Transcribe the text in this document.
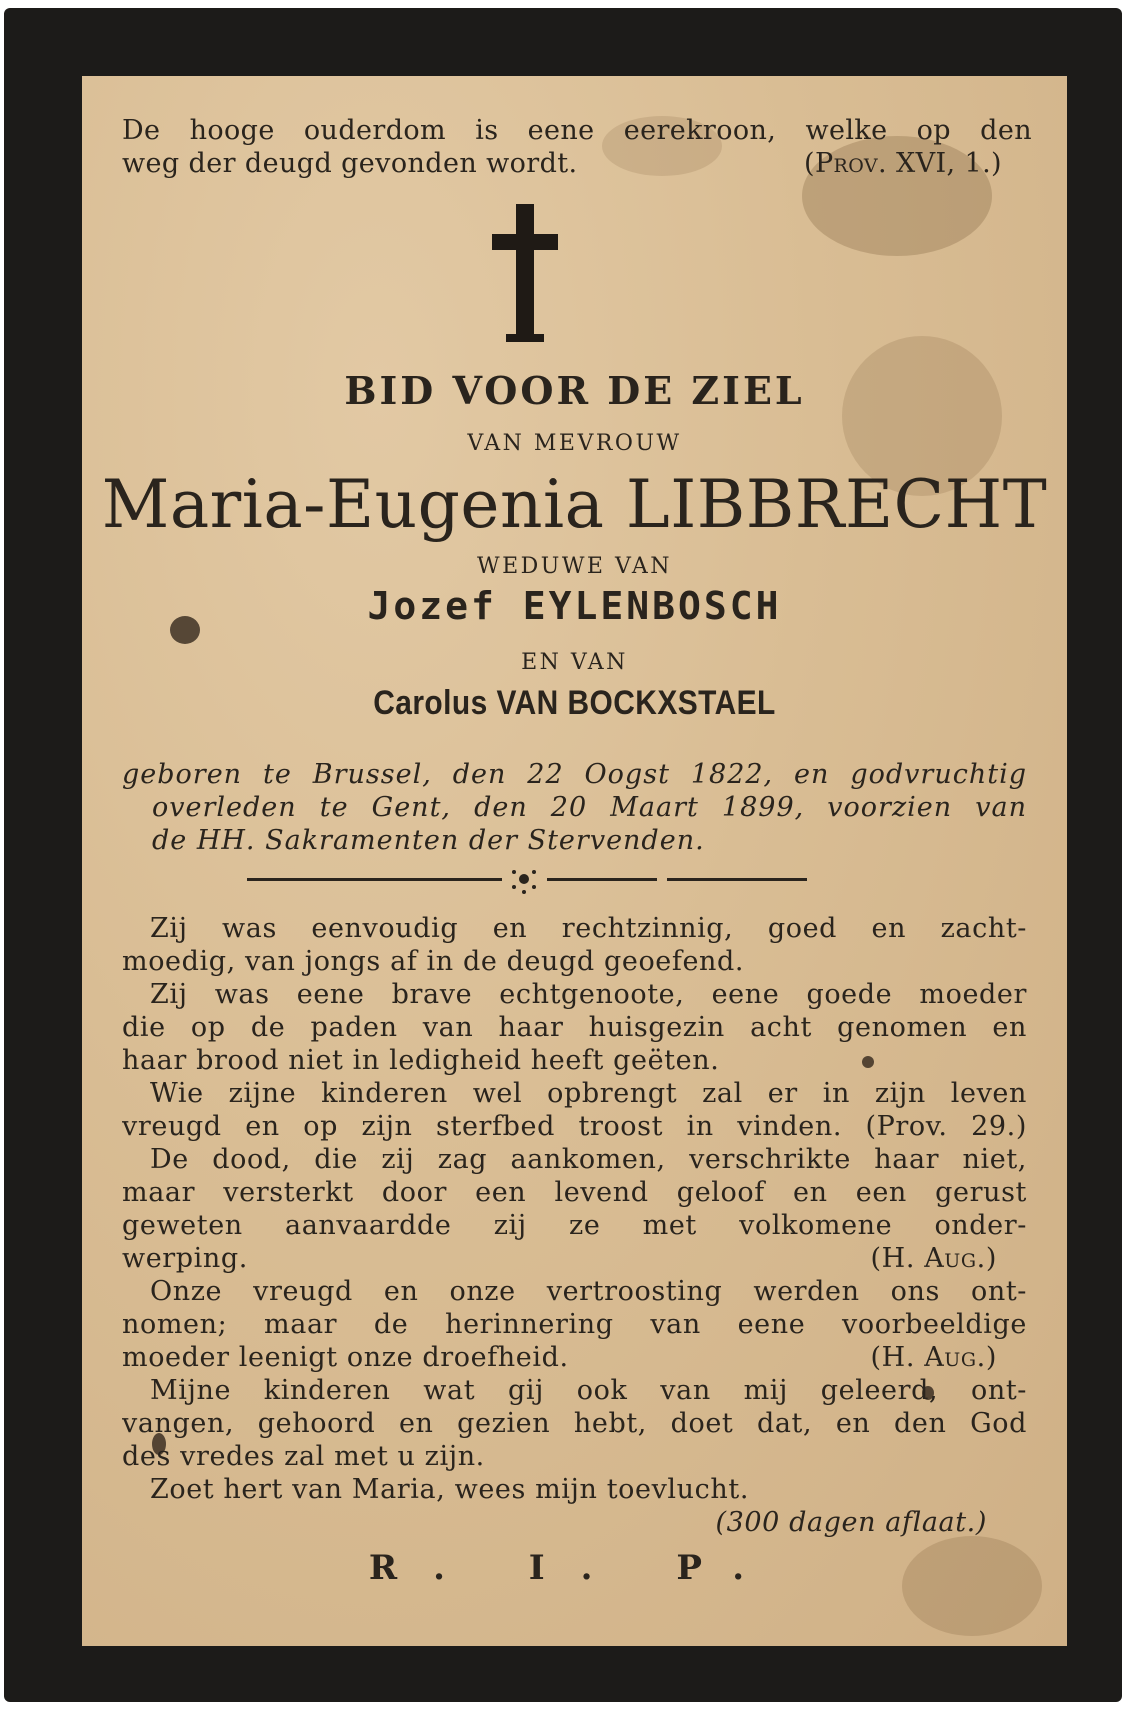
De hooge ouderdom is eene eerekroon, welke op den
weg der deugd gevonden wordt.	(Prov. XVI, 1.)
BID VOOR DE ZIEL
VAN MEVROUW
Maria-Eugenia LIBBRECHT
WEDUWE VAN
Jozef EYLENBOSCH
EN VAN
Carolus VAN BOCKXSTAEL
geboren te Brussel, den 22 Oogst 1822, en godvruchtig
overleden te Gent, den 20 Maart 1899, voorzien van
de HH. Sakramenten der Stervenden.
Zij was eenvoudig en rechtzinnig, goed en zacht-
moedig, van jongs af in de deugd geoefend.
Zij was eene brave echtgenoote, eene goede moeder
die op de paden van haar huisgezin acht genomen en
haar brood niet in ledigheid heeft geëten.
Wie zijne kinderen wel opbrengt zal er in zijn leven
vreugd en op zijn sterfbed troost in vinden. (Prov. 29.)
De dood, die zij zag aankomen, verschrikte haar niet,
maar versterkt door een levend geloof en een gerust
geweten aanvaardde zij ze met volkomene onder-
werping.	(H. Aug.)
Onze vreugd en onze vertroosting werden ons ont-
nomen; maar de herinnering van eene voorbeeldige
moeder leenigt onze droefheid.	(H. Aug.)
Mijne kinderen wat gij ook van mij geleerd, ont-
vangen, gehoord en gezien hebt, doet dat, en den God
des vredes zal met u zijn.
Zoet hert van Maria, wees mijn toevlucht.
(300 dagen aflaat.)
R. I. P.
